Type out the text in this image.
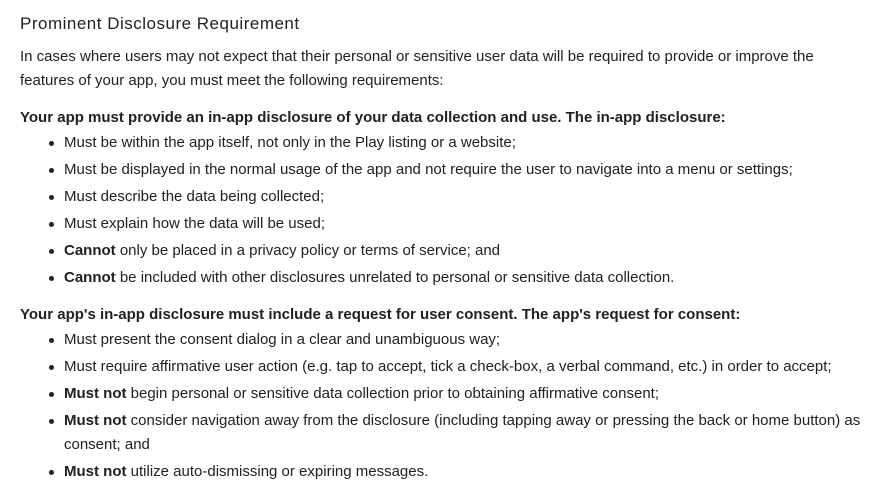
Prominent Disclosure Requirement

In cases where users may not expect that their personal or sensitive user data will be required to provide or improve the features of your app, you must meet the following requirements:

Your app must provide an in-app disclosure of your data collection and use. The in-app disclosure:
Must be within the app itself, not only in the Play listing or a website;
Must be displayed in the normal usage of the app and not require the user to navigate into a menu or settings;
Must describe the data being collected;
Must explain how the data will be used;
Cannot only be placed in a privacy policy or terms of service; and
Cannot be included with other disclosures unrelated to personal or sensitive data collection.
Your app's in-app disclosure must include a request for user consent. The app's request for consent:
Must present the consent dialog in a clear and unambiguous way;
Must require affirmative user action (e.g. tap to accept, tick a check-box, a verbal command, etc.) in order to accept;
Must not begin personal or sensitive data collection prior to obtaining affirmative consent;
Must not consider navigation away from the disclosure (including tapping away or pressing the back or home button) as consent; and
Must not utilize auto-dismissing or expiring messages.
